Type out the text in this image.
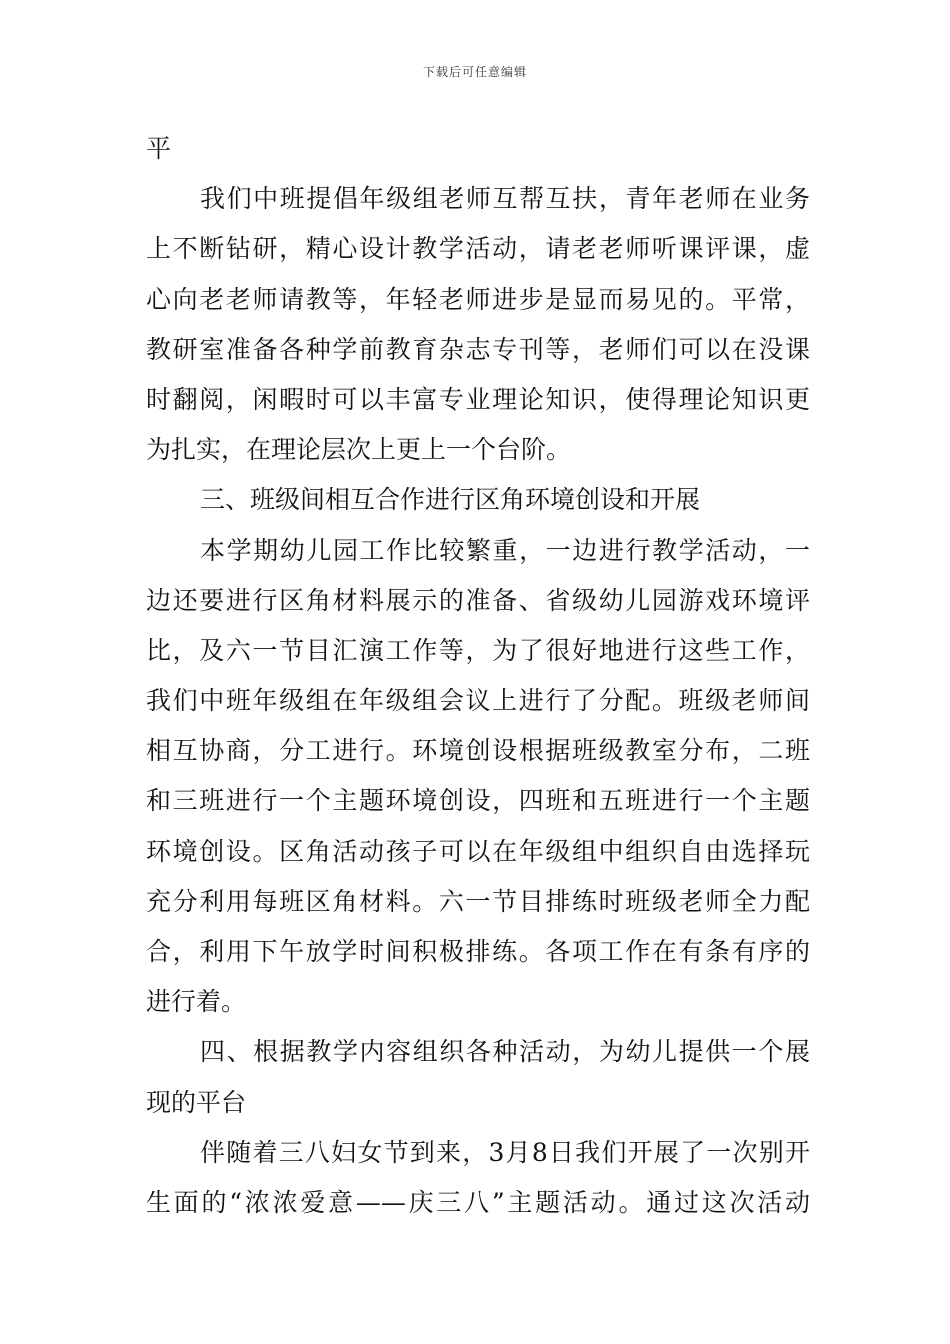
下载后可任意编辑
平
我们中班提倡年级组老师互帮互扶，青年老师在业务
上不断钻研，精心设计教学活动，请老老师听课评课，虚
心向老老师请教等，年轻老师进步是显而易见的。平常，
教研室准备各种学前教育杂志专刊等，老师们可以在没课
时翻阅，闲暇时可以丰富专业理论知识，使得理论知识更
为扎实，在理论层次上更上一个台阶。
三、班级间相互合作进行区角环境创设和开展
本学期幼儿园工作比较繁重，一边进行教学活动，一
边还要进行区角材料展示的准备、省级幼儿园游戏环境评
比，及六一节目汇演工作等，为了很好地进行这些工作，
我们中班年级组在年级组会议上进行了分配。班级老师间
相互协商，分工进行。环境创设根据班级教室分布，二班
和三班进行一个主题环境创设，四班和五班进行一个主题
环境创设。区角活动孩子可以在年级组中组织自由选择玩
充分利用每班区角材料。六一节目排练时班级老师全力配
合，利用下午放学时间积极排练。各项工作在有条有序的
进行着。
四、根据教学内容组织各种活动，为幼儿提供一个展
现的平台
伴随着三八妇女节到来，3月8日我们开展了一次别开
生面的“浓浓爱意——庆三八”主题活动。通过这次活动
